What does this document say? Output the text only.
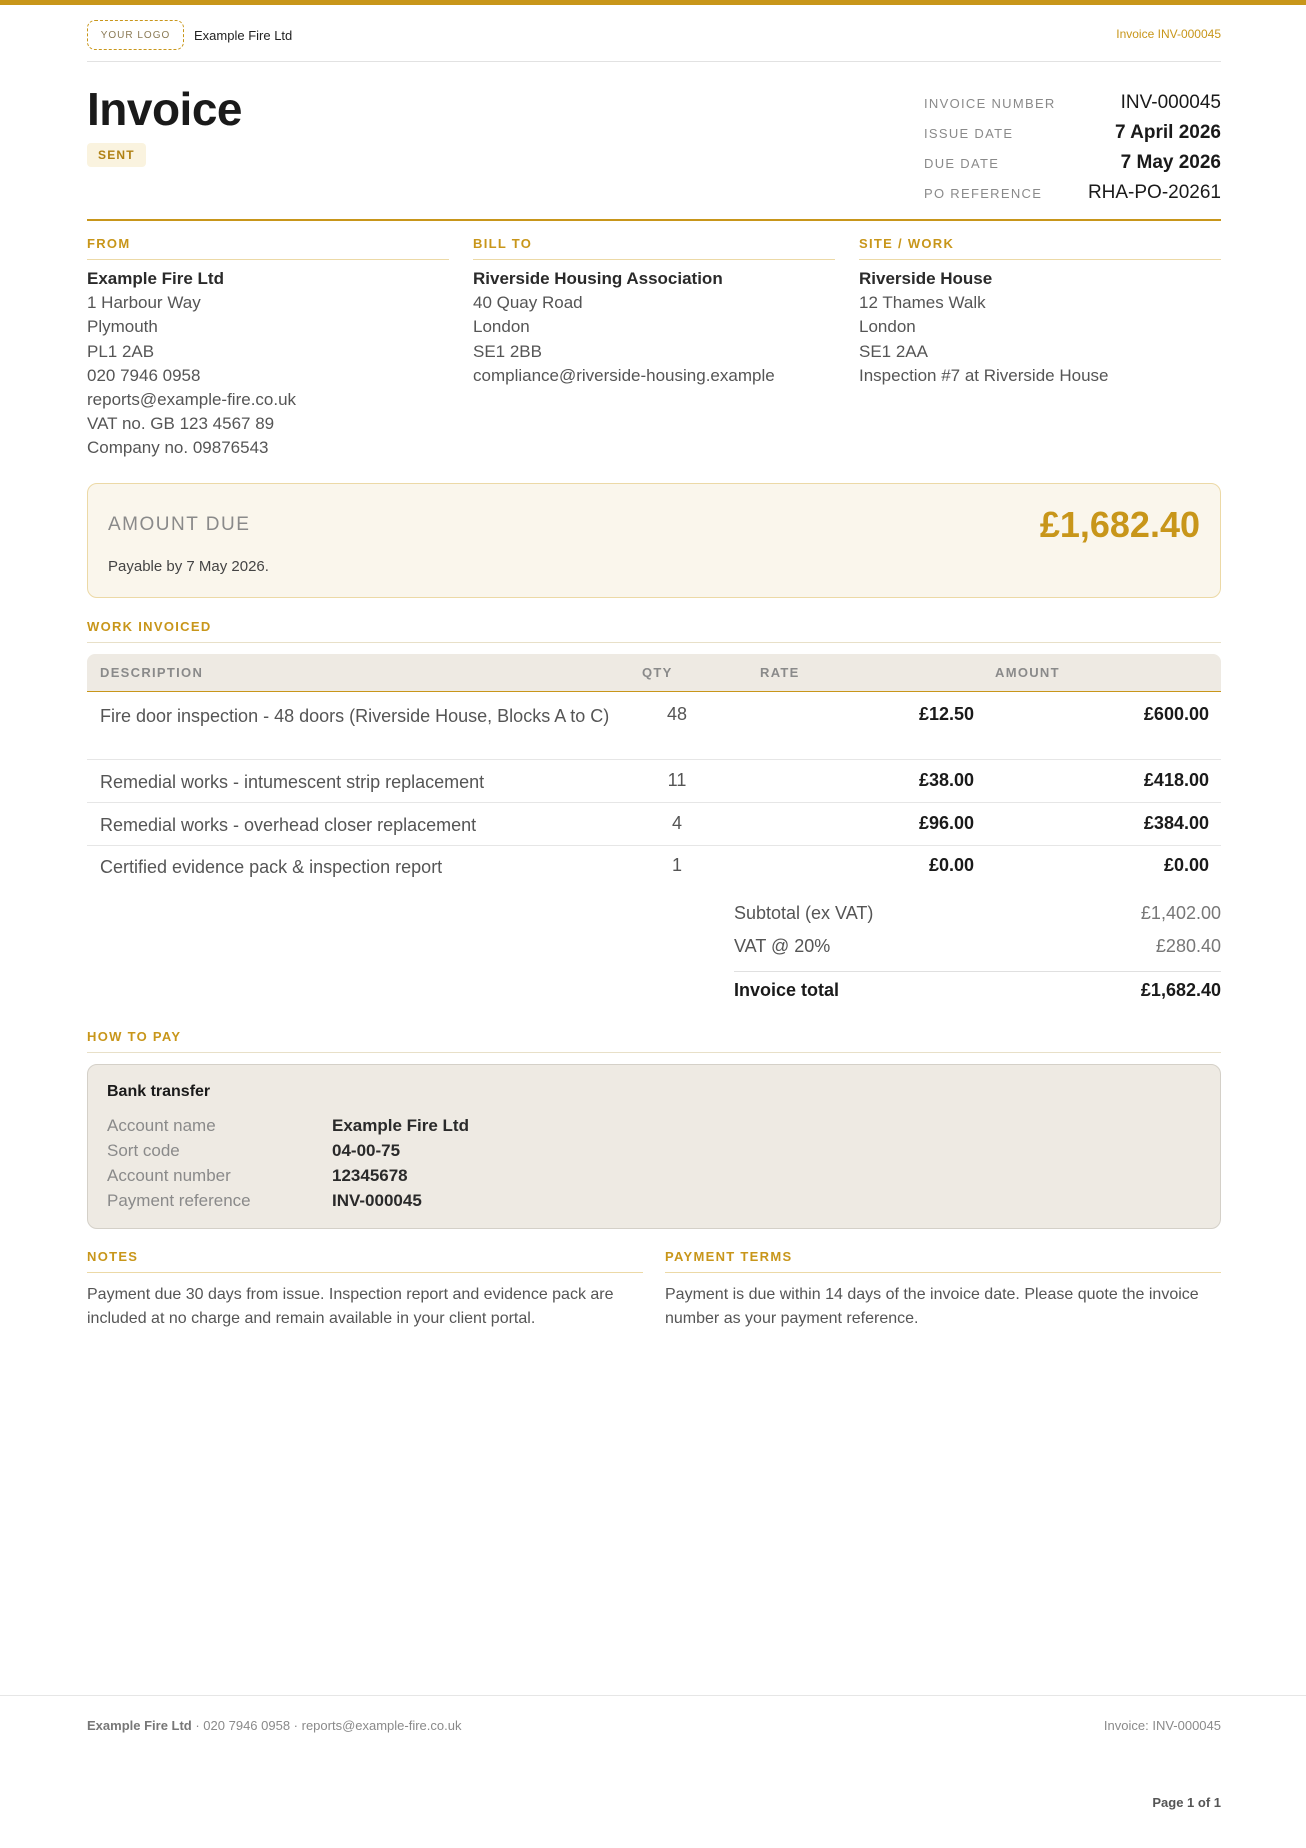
YOUR LOGO	Example Fire Ltd	Invoice INV-000045
Invoice
SENT
INVOICE NUMBER	INV-000045
ISSUE DATE	7 April 2026
DUE DATE	7 May 2026
PO REFERENCE RHA-PO-20261
FROM
Example Fire Ltd
1 Harbour Way
Plymouth
PL1 2AB
020 7946 0958
reports@example-fire.co.uk
VAT no. GB 123 4567 89
Company no. 09876543
BILL TO
Riverside Housing Association
40 Quay Road
London
SE1 2BB
compliance@riverside-housing.example
SITE / WORK
Riverside House
12 Thames Walk
London
SE1 2AA
Inspection #7 at Riverside House
AMOUNT DUE	£1,682.40
Payable by 7 May 2026.
WORK INVOICED
DESCRIPTION	QTY	RATE	AMOUNT
Fire door inspection - 48 doors (Riverside House, Blocks A to C)	48	£12.50	£600.00
Remedial works - intumescent strip replacement	11	£38.00	£418.00
Remedial works - overhead closer replacement	4	£96.00	£384.00
Certified evidence pack & inspection report	1	£0.00	£0.00
Subtotal (ex VAT)	£1,402.00
VAT @ 20%	£280.40
Invoice total	£1,682.40
HOW TO PAY
Bank transfer
Account name	Example Fire Ltd
Sort code	04-00-75
Account number	12345678
Payment reference	INV-000045
NOTES
Payment due 30 days from issue. Inspection report and evidence pack are included at no charge and remain available in your client portal.
PAYMENT TERMS
Payment is due within 14 days of the invoice date. Please quote the invoice number as your payment reference.
Example Fire Ltd · 020 7946 0958 · reports@example-fire.co.uk	Invoice: INV-000045
Page 1 of 1
